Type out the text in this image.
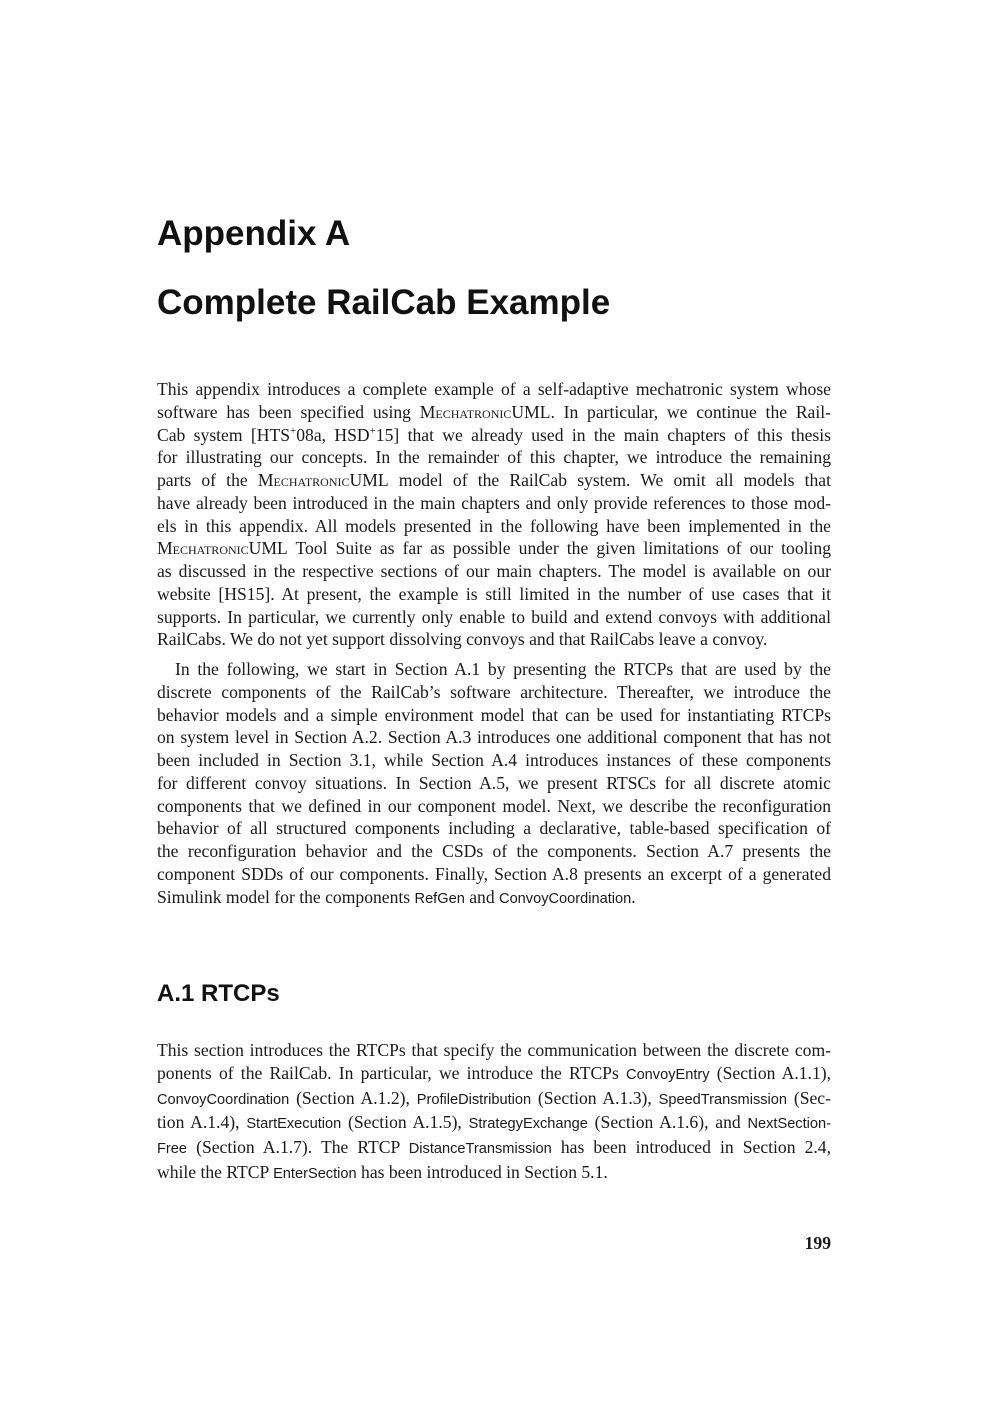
Appendix A
Complete RailCab Example
This appendix introduces a complete example of a self-adaptive mechatronic system whose
software has been specified using MechatronicUML. In particular, we continue the Rail-
Cab system [HTS+08a, HSD+15] that we already used in the main chapters of this thesis
for illustrating our concepts. In the remainder of this chapter, we introduce the remaining
parts of the MechatronicUML model of the RailCab system. We omit all models that
have already been introduced in the main chapters and only provide references to those mod-
els in this appendix. All models presented in the following have been implemented in the
MechatronicUML Tool Suite as far as possible under the given limitations of our tooling
as discussed in the respective sections of our main chapters. The model is available on our
website [HS15]. At present, the example is still limited in the number of use cases that it
supports. In particular, we currently only enable to build and extend convoys with additional
RailCabs. We do not yet support dissolving convoys and that RailCabs leave a convoy.
In the following, we start in Section A.1 by presenting the RTCPs that are used by the
discrete components of the RailCab’s software architecture. Thereafter, we introduce the
behavior models and a simple environment model that can be used for instantiating RTCPs
on system level in Section A.2. Section A.3 introduces one additional component that has not
been included in Section 3.1, while Section A.4 introduces instances of these components
for different convoy situations. In Section A.5, we present RTSCs for all discrete atomic
components that we defined in our component model. Next, we describe the reconfiguration
behavior of all structured components including a declarative, table-based specification of
the reconfiguration behavior and the CSDs of the components. Section A.7 presents the
component SDDs of our components. Finally, Section A.8 presents an excerpt of a generated
Simulink model for the components RefGen and ConvoyCoordination.
A.1 RTCPs
This section introduces the RTCPs that specify the communication between the discrete com-
ponents of the RailCab. In particular, we introduce the RTCPs ConvoyEntry (Section A.1.1),
ConvoyCoordination (Section A.1.2), ProfileDistribution (Section A.1.3), SpeedTransmission (Sec-
tion A.1.4), StartExecution (Section A.1.5), StrategyExchange (Section A.1.6), and NextSection-
Free (Section A.1.7). The RTCP DistanceTransmission has been introduced in Section 2.4,
while the RTCP EnterSection has been introduced in Section 5.1.
199
